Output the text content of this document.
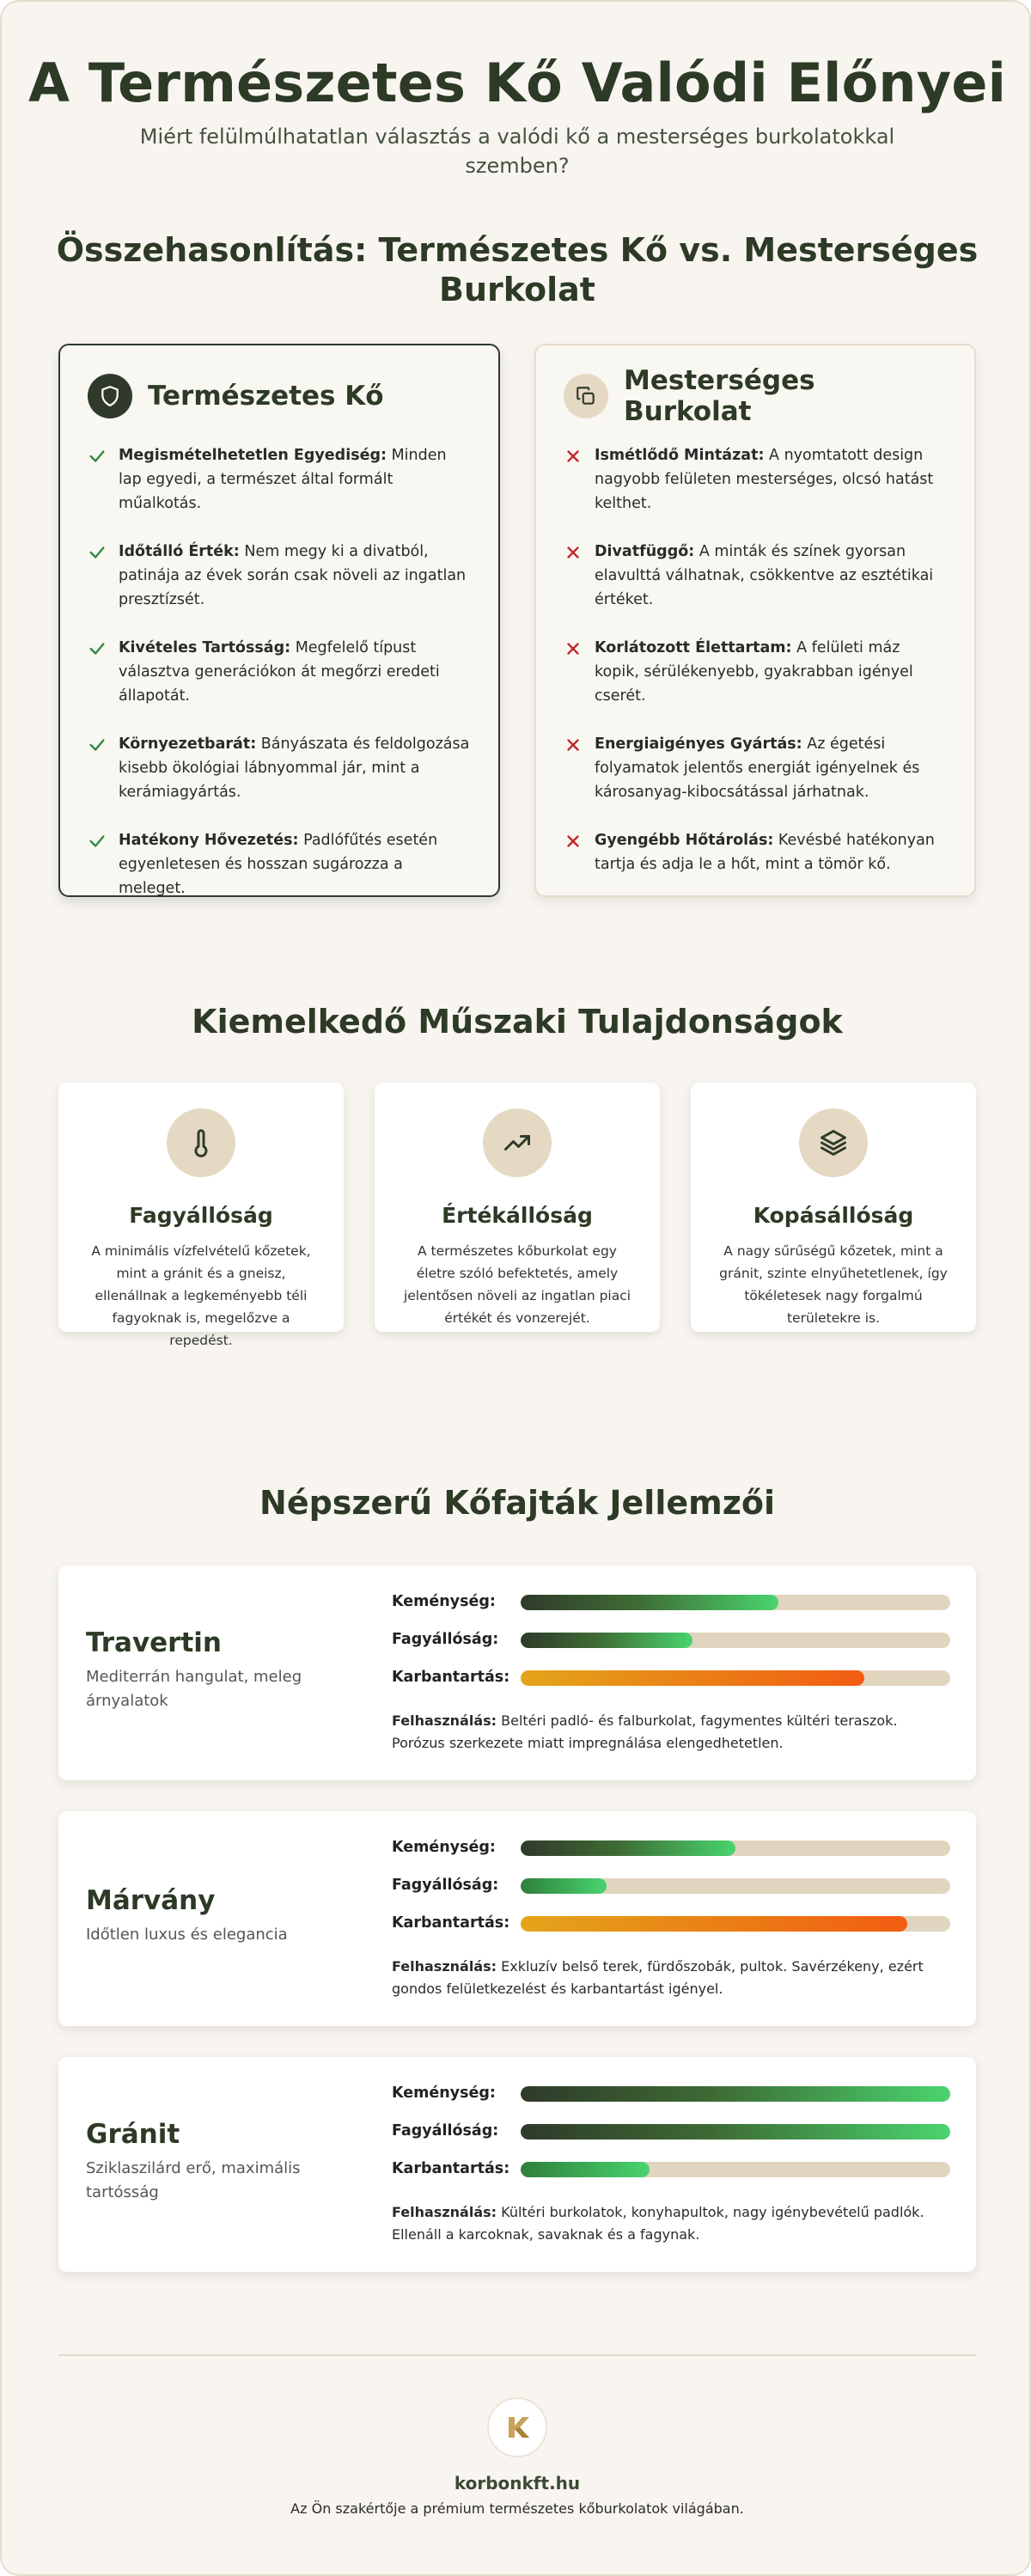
A Természetes Kő Valódi Előnyei

Miért felülmúlhatatlan választás a valódi kő a mesterséges burkolatokkal szemben?

Összehasonlítás: Természetes Kő vs. Mesterséges Burkolat
Természetes Kő
Megismételhetetlen Egyediség: Minden lap egyedi, a természet által formált műalkotás.
Időtálló Érték: Nem megy ki a divatból, patinája az évek során csak növeli az ingatlan presztízsét.
Kivételes Tartósság: Megfelelő típust választva generációkon át megőrzi eredeti állapotát.
Környezetbarát: Bányászata és feldolgozása kisebb ökológiai lábnyommal jár, mint a kerámiagyártás.
Hatékony Hővezetés: Padlófűtés esetén egyenletesen és hosszan sugározza a meleget.
Mesterséges Burkolat
Ismétlődő Mintázat: A nyomtatott design nagyobb felületen mesterséges, olcsó hatást kelthet.
Divatfüggő: A minták és színek gyorsan elavulttá válhatnak, csökkentve az esztétikai értéket.
Korlátozott Élettartam: A felületi máz kopik, sérülékenyebb, gyakrabban igényel cserét.
Energiaigényes Gyártás: Az égetési folyamatok jelentős energiát igényelnek és károsanyag-kibocsátással járhatnak.
Gyengébb Hőtárolás: Kevésbé hatékonyan tartja és adja le a hőt, mint a tömör kő.
Kiemelkedő Műszaki Tulajdonságok
Fagyállóság
A minimális vízfelvételű kőzetek, mint a gránit és a gneisz, ellenállnak a legkeményebb téli fagyoknak is, megelőzve a repedést.
Értékállóság
A természetes kőburkolat egy életre szóló befektetés, amely jelentősen növeli az ingatlan piaci értékét és vonzerejét.
Kopásállóság
A nagy sűrűségű kőzetek, mint a gránit, szinte elnyűhetetlenek, így tökéletesek nagy forgalmú területekre is.
Népszerű Kőfajták Jellemzői
Travertin
Mediterrán hangulat, meleg árnyalatok
Keménység:
Fagyállóság:
Karbantartás:
Felhasználás: Beltéri padló- és falburkolat, fagymentes kültéri teraszok. Porózus szerkezete miatt impregnálása elengedhetetlen.
Márvány
Időtlen luxus és elegancia
Keménység:
Fagyállóság:
Karbantartás:
Felhasználás: Exkluzív belső terek, fürdőszobák, pultok. Savérzékeny, ezért gondos felületkezelést és karbantartást igényel.
Gránit
Sziklaszilárd erő, maximális tartósság
Keménység:
Fagyállóság:
Karbantartás:
Felhasználás: Kültéri burkolatok, konyhapultok, nagy igénybevételű padlók. Ellenáll a karcoknak, savaknak és a fagynak.
korbonkft.hu
Az Ön szakértője a prémium természetes kőburkolatok világában.
